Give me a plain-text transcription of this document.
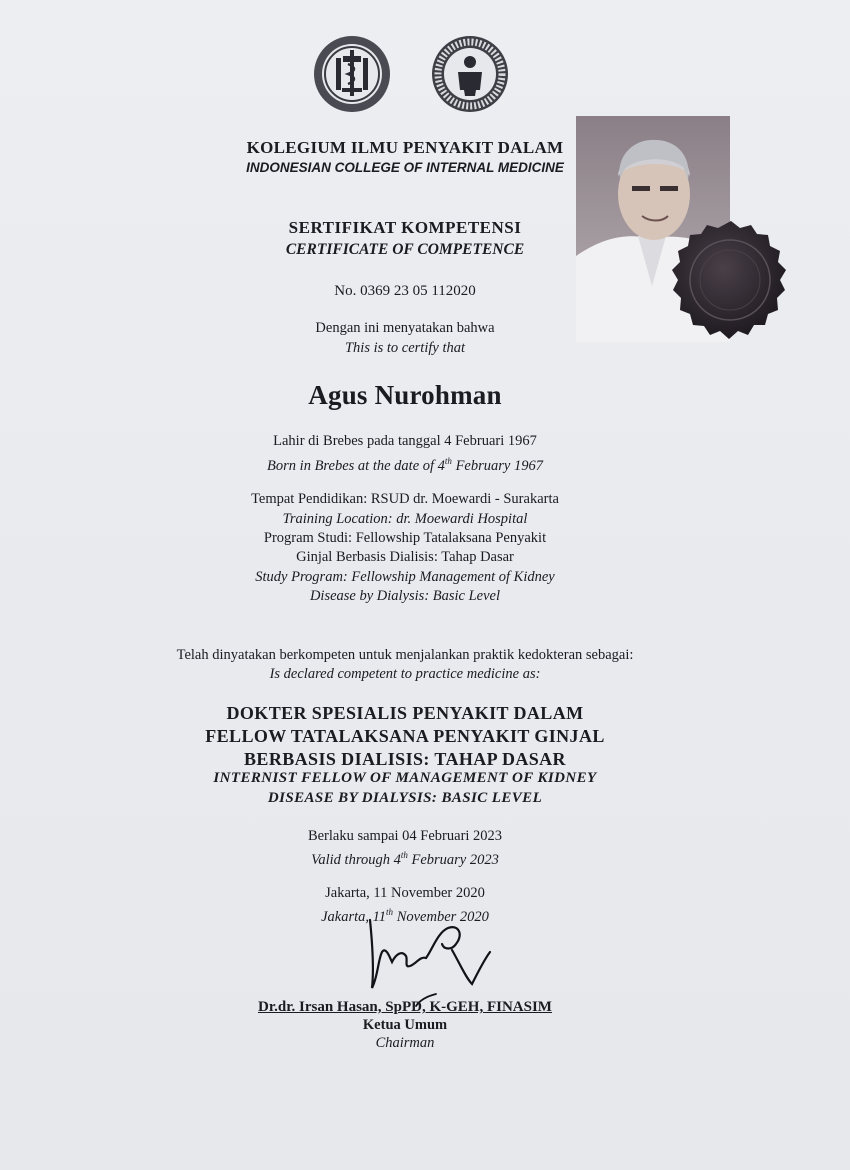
KOLEGIUM ILMU PENYAKIT DALAM
INDONESIAN COLLEGE OF INTERNAL MEDICINE
SERTIFIKAT KOMPETENSI
CERTIFICATE OF COMPETENCE
No. 0369 23 05 112020
Dengan ini menyatakan bahwa
This is to certify that
Agus Nurohman
Lahir di Brebes pada tanggal 4 Februari 1967
Born in Brebes at the date of 4th February 1967
Tempat Pendidikan: RSUD dr. Moewardi - Surakarta
Training Location: dr. Moewardi Hospital
Program Studi: Fellowship Tatalaksana Penyakit
Ginjal Berbasis Dialisis: Tahap Dasar
Study Program: Fellowship Management of Kidney
Disease by Dialysis: Basic Level
Telah dinyatakan berkompeten untuk menjalankan praktik kedokteran sebagai:
Is declared competent to practice medicine as:
DOKTER SPESIALIS PENYAKIT DALAM
FELLOW TATALAKSANA PENYAKIT GINJAL
BERBASIS DIALISIS: TAHAP DASAR
INTERNIST FELLOW OF MANAGEMENT OF KIDNEY
DISEASE BY DIALYSIS: BASIC LEVEL
Berlaku sampai 04 Februari 2023
Valid through 4th February 2023
Jakarta, 11 November 2020
Jakarta, 11th November 2020
Dr.dr. Irsan Hasan, SpPD, K-GEH, FINASIM
Ketua Umum
Chairman
